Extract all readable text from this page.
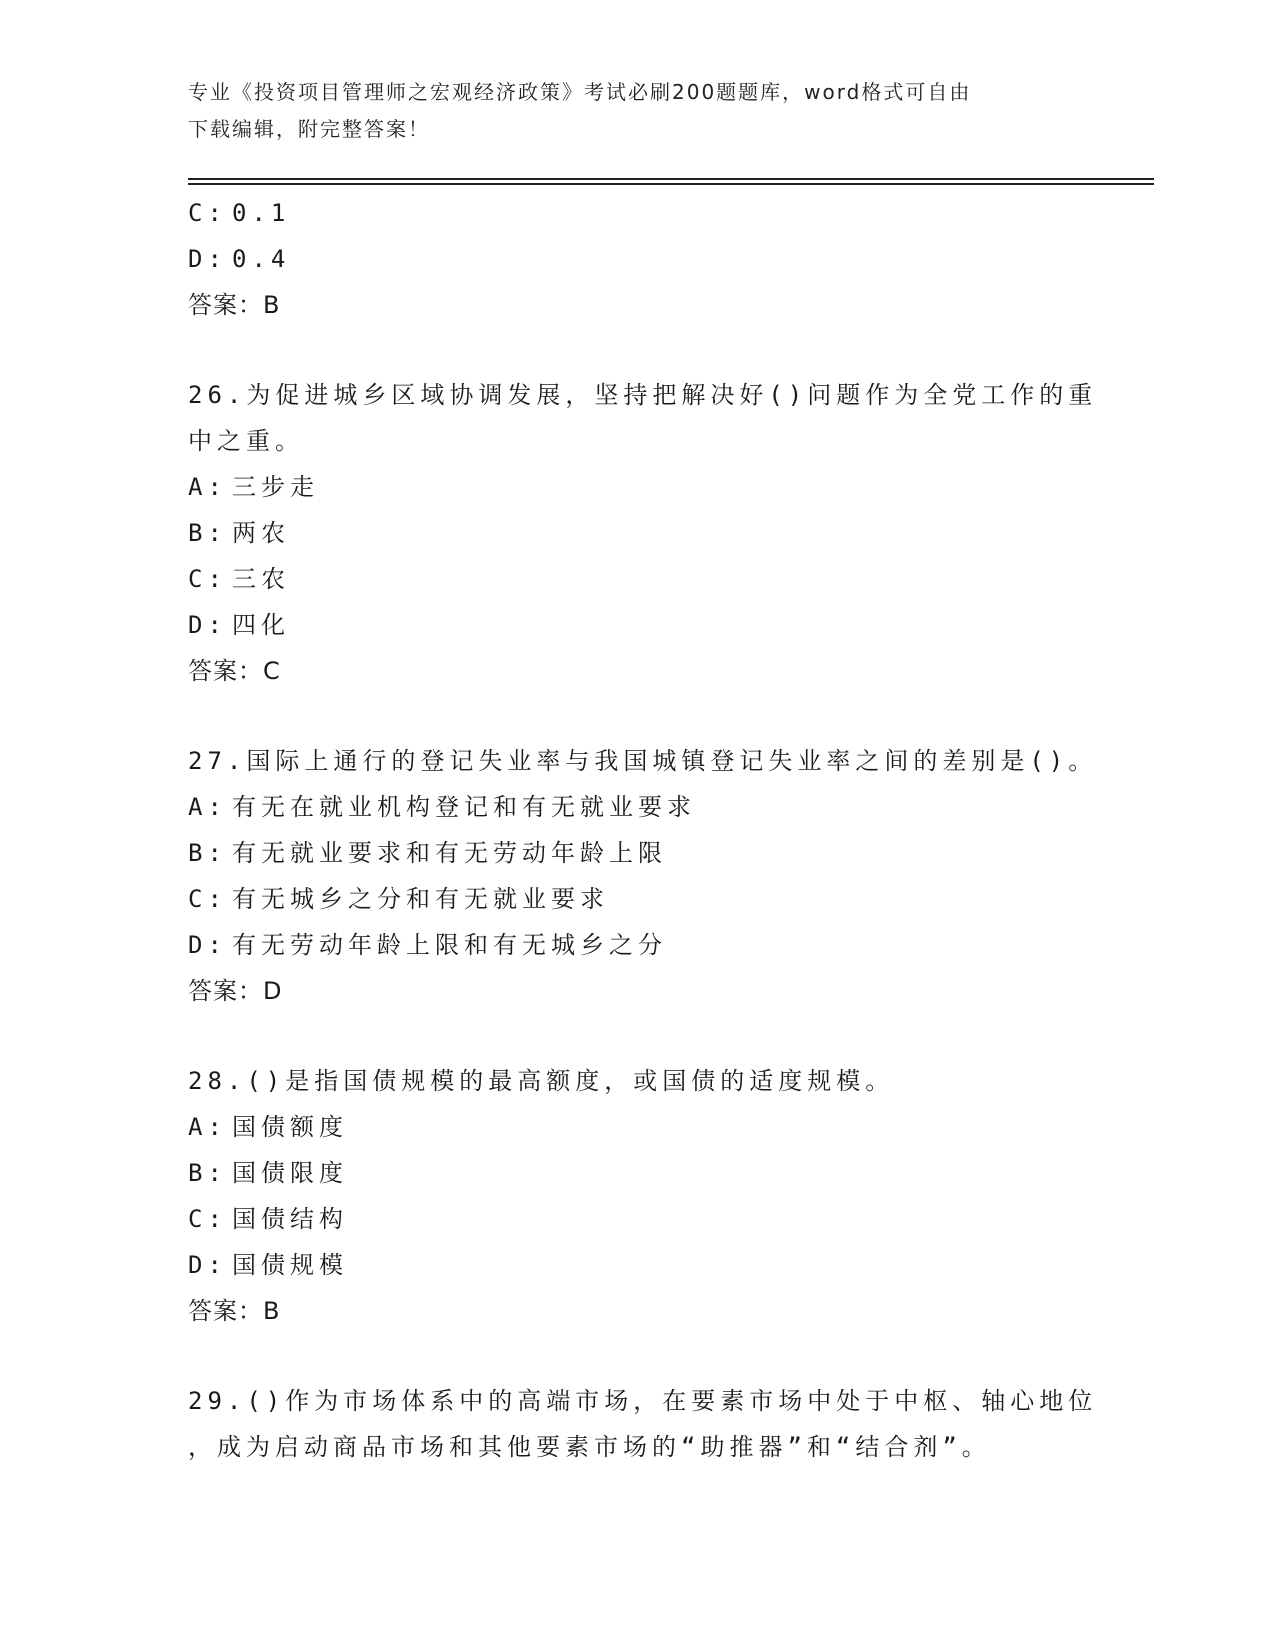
专业《投资项目管理师之宏观经济政策》考试必刷200题题库，word格式可自由
下载编辑，附完整答案！
C: 0.1
D: 0.4
答案：B
26.为促进城乡区域协调发展，坚持把解决好()问题作为全党工作的重
中之重。
A: 三步走
B: 两农
C: 三农
D: 四化
答案：C
27.国际上通行的登记失业率与我国城镇登记失业率之间的差别是()。
A: 有无在就业机构登记和有无就业要求
B: 有无就业要求和有无劳动年龄上限
C: 有无城乡之分和有无就业要求
D: 有无劳动年龄上限和有无城乡之分
答案：D
28.()是指国债规模的最高额度，或国债的适度规模。
A: 国债额度
B: 国债限度
C: 国债结构
D: 国债规模
答案：B
29.()作为市场体系中的高端市场，在要素市场中处于中枢、轴心地位
，成为启动商品市场和其他要素市场的“助推器”和“结合剂”。
